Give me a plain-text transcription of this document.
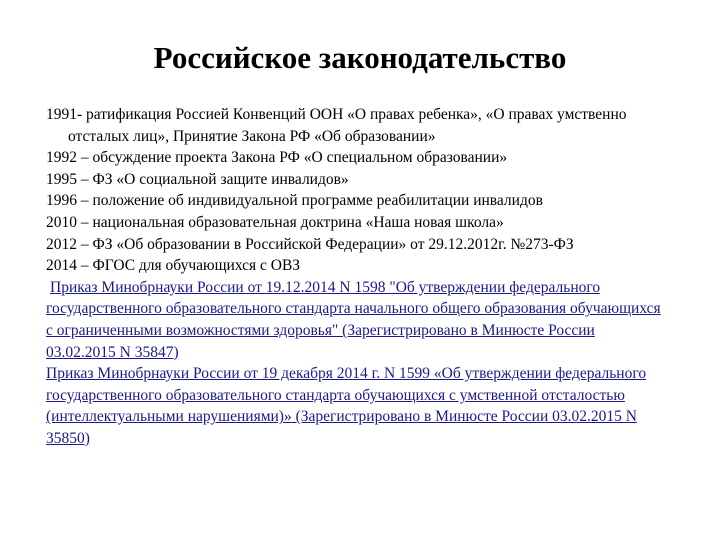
Российское законодательство

1991- ратификация Россией Конвенций ООН «О правах ребенка», «О правах умственно отсталых лиц», Принятие Закона РФ «Об образовании»

1992 – обсуждение проекта Закона РФ «О специальном образовании»

1995 – ФЗ «О социальной защите инвалидов»

1996 – положение об индивидуальной программе реабилитации инвалидов

2010 – национальная образовательная доктрина «Наша новая школа»

2012 – ФЗ «Об образовании в Российской Федерации» от 29.12.2012г. №273-ФЗ

2014 – ФГОС для обучающихся с ОВЗ

Приказ Минобрнауки России от 19.12.2014 N 1598 "Об утверждении федерального государственного образовательного стандарта начального общего образования обучающихся с ограниченными возможностями здоровья" (Зарегистрировано в Минюсте России 03.02.2015 N 35847)

Приказ Минобрнауки России от 19 декабря 2014 г. N 1599 «Об утверждении федерального государственного образовательного стандарта обучающихся с умственной отсталостью (интеллектуальными нарушениями)» (Зарегистрировано в Минюсте России 03.02.2015 N 35850)
